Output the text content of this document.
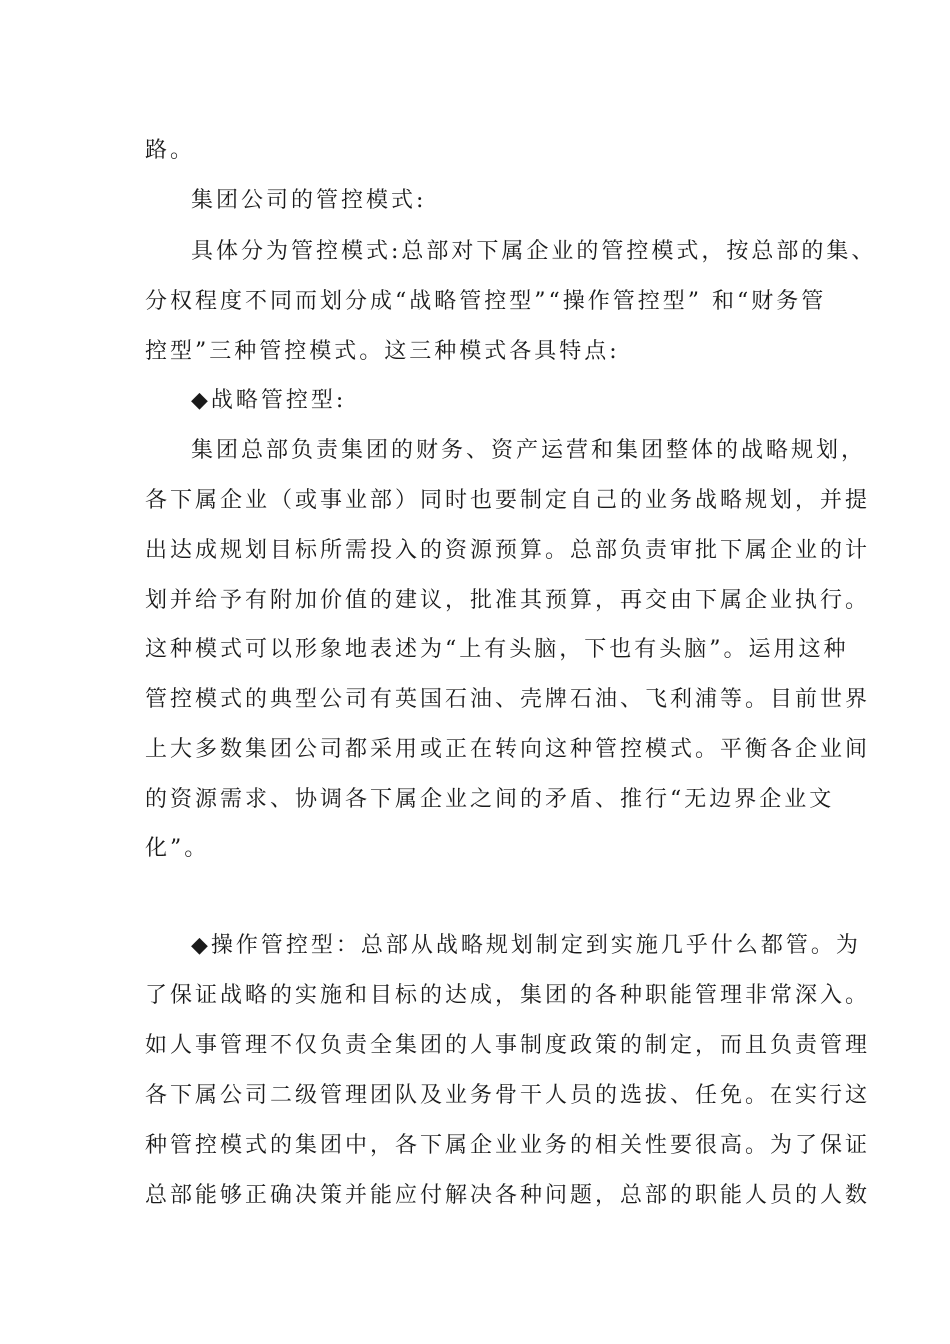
路。
集团公司的管控模式:
具体分为管控模式:总部对下属企业的管控模式，按总部的集、
分权程度不同而划分成“战略管控型”“操作管控型” 和“财务管
控型”三种管控模式。这三种模式各具特点:
◆战略管控型:
集团总部负责集团的财务、资产运营和集团整体的战略规划，
各下属企业（或事业部）同时也要制定自己的业务战略规划，并提
出达成规划目标所需投入的资源预算。总部负责审批下属企业的计
划并给予有附加价值的建议，批准其预算，再交由下属企业执行。
这种模式可以形象地表述为“上有头脑，下也有头脑”。运用这种
管控模式的典型公司有英国石油、壳牌石油、飞利浦等。目前世界
上大多数集团公司都采用或正在转向这种管控模式。平衡各企业间
的资源需求、协调各下属企业之间的矛盾、推行“无边界企业文
化”。
◆操作管控型：总部从战略规划制定到实施几乎什么都管。为
了保证战略的实施和目标的达成，集团的各种职能管理非常深入。
如人事管理不仅负责全集团的人事制度政策的制定，而且负责管理
各下属公司二级管理团队及业务骨干人员的选拔、任免。在实行这
种管控模式的集团中，各下属企业业务的相关性要很高。为了保证
总部能够正确决策并能应付解决各种问题，总部的职能人员的人数
